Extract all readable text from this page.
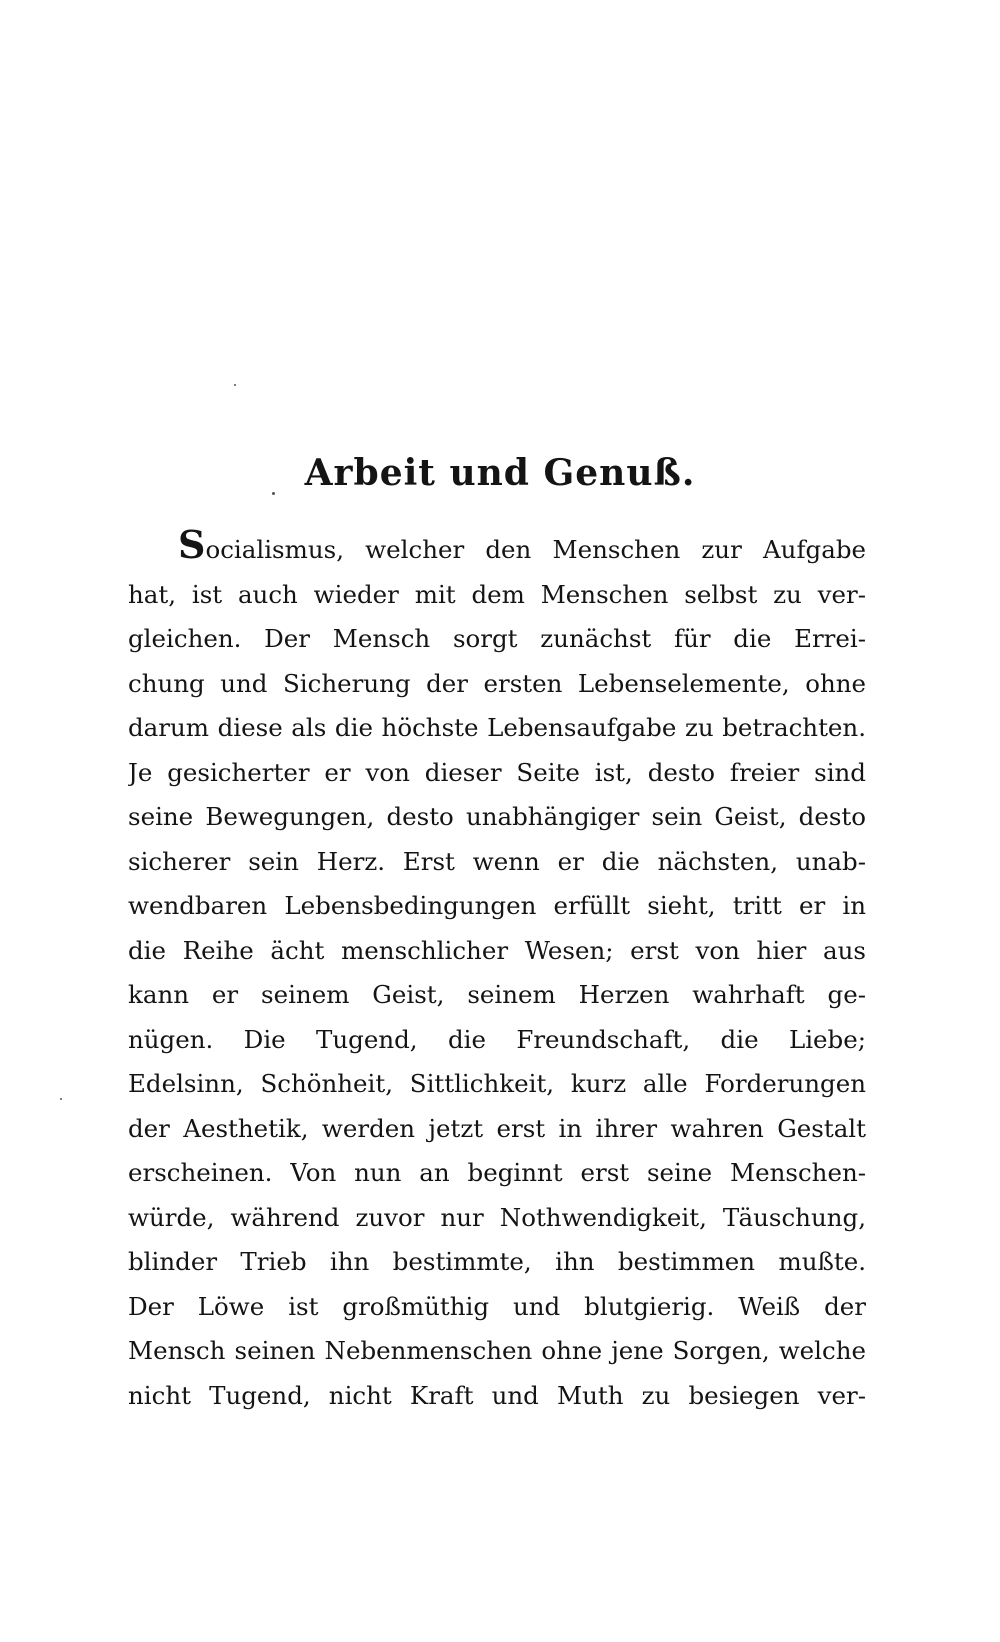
Arbeit und Genuß.
Socialismus, welcher den Menschen zur Aufgabe
hat, ist auch wieder mit dem Menschen selbst zu ver-
gleichen. Der Mensch sorgt zunächst für die Errei-
chung und Sicherung der ersten Lebenselemente, ohne
darum diese als die höchste Lebensaufgabe zu betrachten.
Je gesicherter er von dieser Seite ist, desto freier sind
seine Bewegungen, desto unabhängiger sein Geist, desto
sicherer sein Herz. Erst wenn er die nächsten, unab-
wendbaren Lebensbedingungen erfüllt sieht, tritt er in
die Reihe ächt menschlicher Wesen; erst von hier aus
kann er seinem Geist, seinem Herzen wahrhaft ge-
nügen. Die Tugend, die Freundschaft, die Liebe;
Edelsinn, Schönheit, Sittlichkeit, kurz alle Forderungen
der Aesthetik, werden jetzt erst in ihrer wahren Gestalt
erscheinen. Von nun an beginnt erst seine Menschen-
würde, während zuvor nur Nothwendigkeit, Täuschung,
blinder Trieb ihn bestimmte, ihn bestimmen mußte.
Der Löwe ist großmüthig und blutgierig. Weiß der
Mensch seinen Nebenmenschen ohne jene Sorgen, welche
nicht Tugend, nicht Kraft und Muth zu besiegen ver-
